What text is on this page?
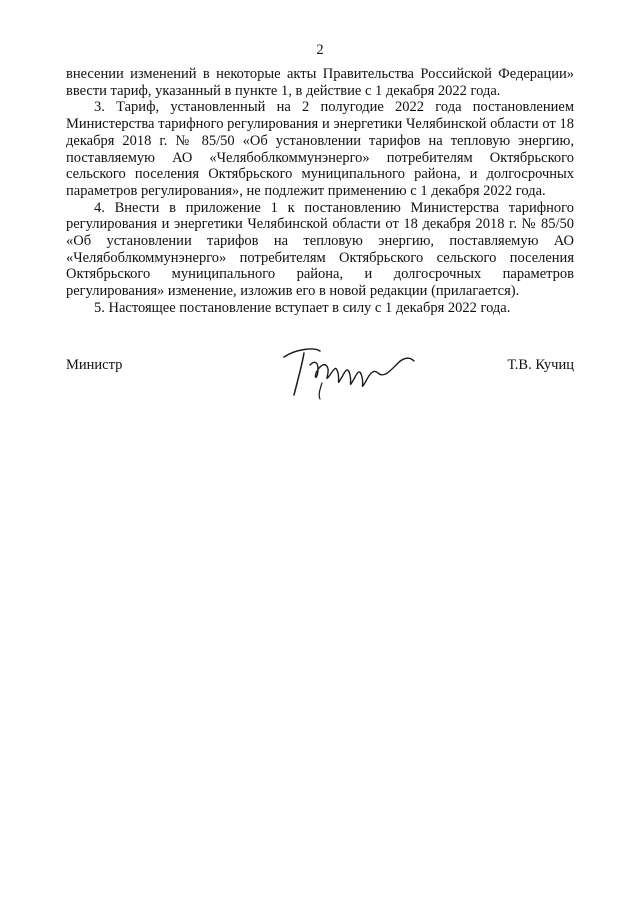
2

внесении изменений в некоторые акты Правительства Российской Федерации» ввести тариф, указанный в пункте 1, в действие с 1 декабря 2022 года.

3. Тариф, установленный на 2 полугодие 2022 года постановлением Министерства тарифного регулирования и энергетики Челябинской области от 18 декабря 2018 г. № 85/50 «Об установлении тарифов на тепловую энергию, поставляемую АО «Челябоблкоммунэнерго» потребителям Октябрьского сельского поселения Октябрьского муниципального района, и долгосрочных параметров регулирования», не подлежит применению с 1 декабря 2022 года.

4. Внести в приложение 1 к постановлению Министерства тарифного регулирования и энергетики Челябинской области от 18 декабря 2018 г. № 85/50 «Об установлении тарифов на тепловую энергию, поставляемую АО «Челябоблкоммунэнерго» потребителям Октябрьского сельского поселения Октябрьского муниципального района, и долгосрочных параметров регулирования» изменение, изложив его в новой редакции (прилагается).

5. Настоящее постановление вступает в силу с 1 декабря 2022 года.

Министр	Т.В. Кучиц
